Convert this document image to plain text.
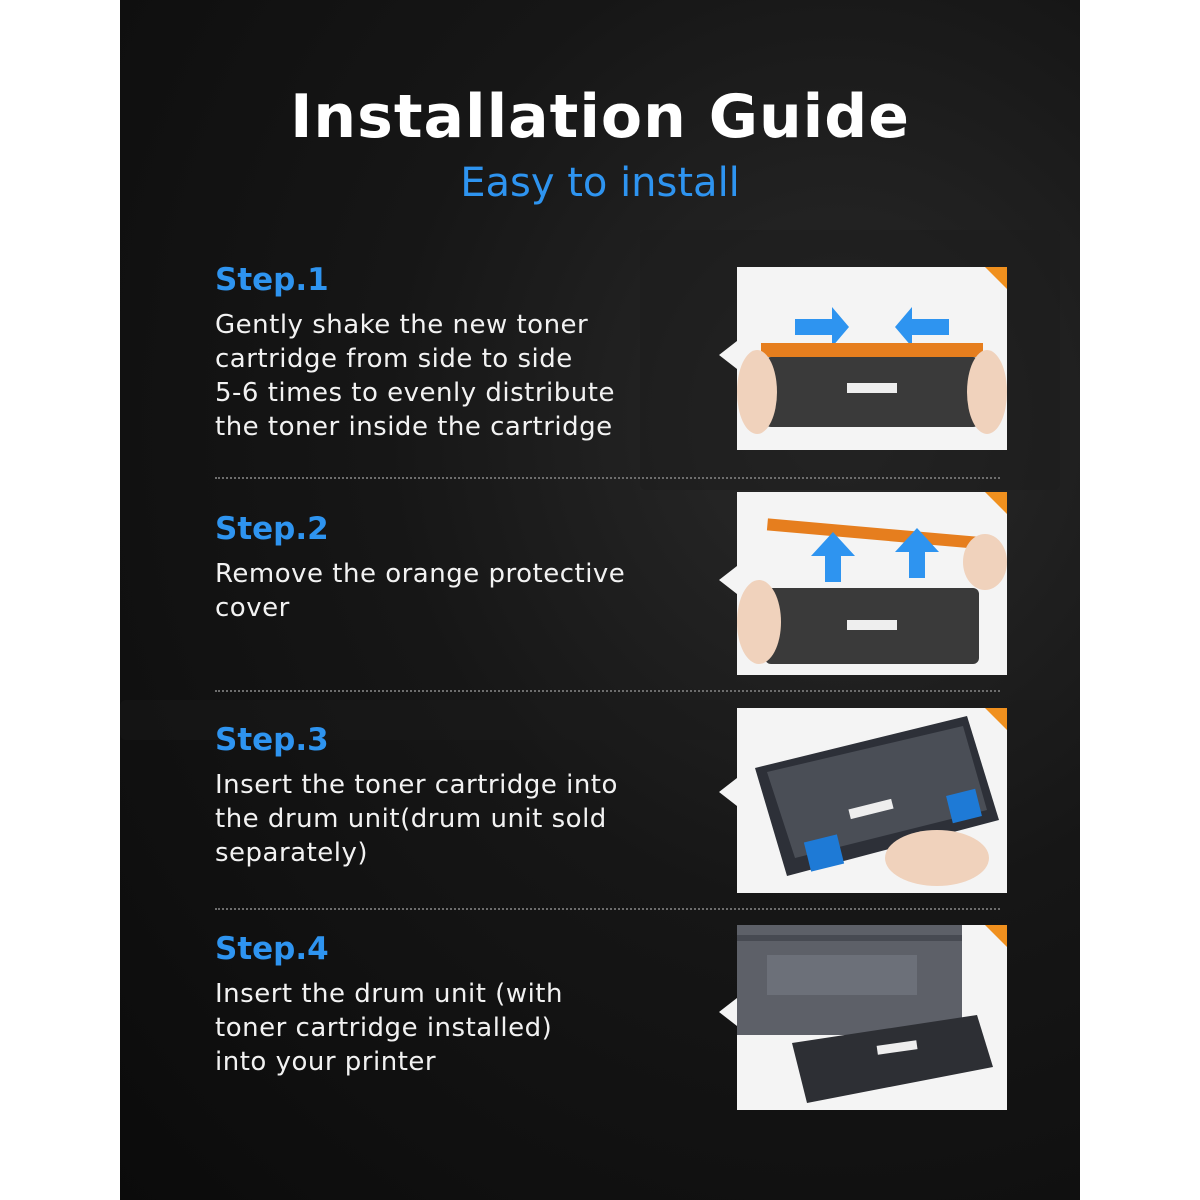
Installation Guide
Easy to install
Step.1
Gently shake the new toner
cartridge from side to side
5-6 times to evenly distribute
the toner inside the cartridge
Step.2
Remove the orange protective
cover
Step.3
Insert the toner cartridge into
the drum unit(drum unit sold
separately)
Step.4
Insert the drum unit (with
toner cartridge installed)
into your printer
